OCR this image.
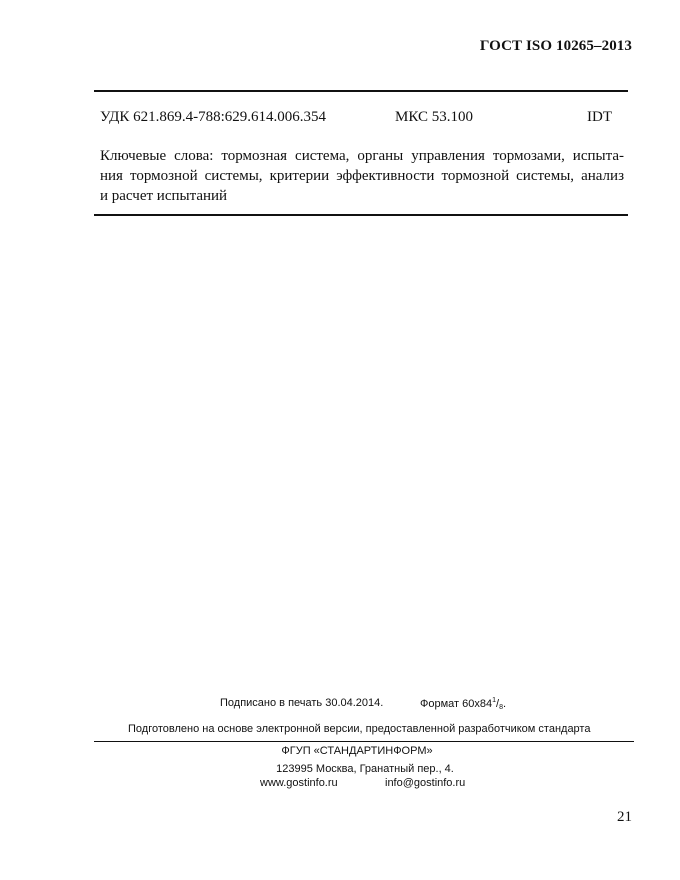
ГОСТ ISO 10265–2013
УДК 621.869.4-788:629.614.006.354	МКС 53.100	IDT
Ключевые слова: тормозная система, органы управления тормозами, испыта-
ния тормозной системы, критерии эффективности тормозной системы, анализ
и расчет испытаний
Подписано в печать 30.04.2014.	Формат $60x84^1/_8$.
Подготовлено на основе электронной версии, предоставленной разработчиком стандарта
ФГУП «СТАНДАРТИНФОРМ»
123995 Москва, Гранатный пер., 4.
www.gostinfo.ru	info@gostinfo.ru
21
